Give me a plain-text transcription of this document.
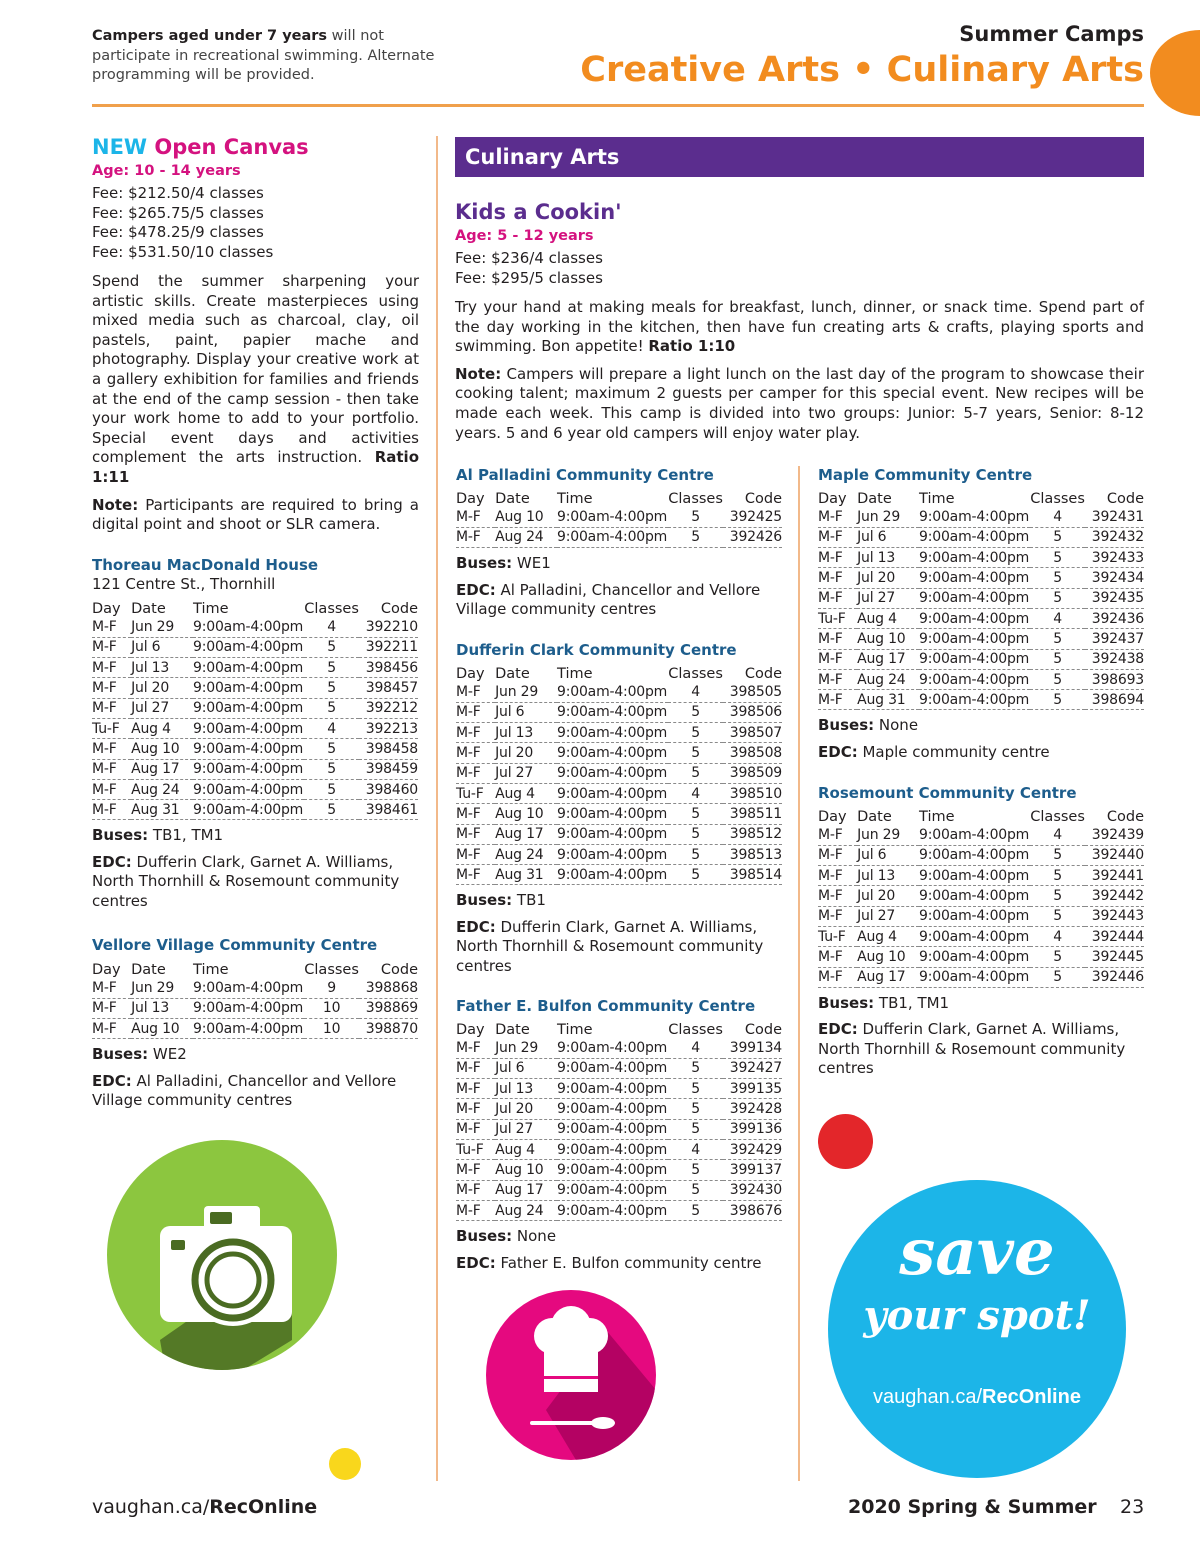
Campers aged under 7 years will not participate in recreational swimming. Alternate programming will be provided.
Summer Camps
Creative Arts • Culinary Arts
NEW Open Canvas
Age: 10 - 14 years
Fee: $212.50/4 classes
Fee: $265.75/5 classes
Fee: $478.25/9 classes
Fee: $531.50/10 classes
Spend the summer sharpening your artistic skills. Create masterpieces using mixed media such as charcoal, clay, oil pastels, paint, papier mache and photography. Display your creative work at a gallery exhibition for families and friends at the end of the camp session - then take your work home to add to your portfolio. Special event days and activities complement the arts instruction. Ratio 1:11
Note: Participants are required to bring a digital point and shoot or SLR camera.
Thoreau MacDonald House
121 Centre St., Thornhill
Day	Date	Time	Classes	Code
M-F	Jun 29	9:00am-4:00pm	4	392210
M-F	Jul 6	9:00am-4:00pm	5	392211
M-F	Jul 13	9:00am-4:00pm	5	398456
M-F	Jul 20	9:00am-4:00pm	5	398457
M-F	Jul 27	9:00am-4:00pm	5	392212
Tu-F	Aug 4	9:00am-4:00pm	4	392213
M-F	Aug 10	9:00am-4:00pm	5	398458
M-F	Aug 17	9:00am-4:00pm	5	398459
M-F	Aug 24	9:00am-4:00pm	5	398460
M-F	Aug 31	9:00am-4:00pm	5	398461
Buses: TB1, TM1
EDC: Dufferin Clark, Garnet A. Williams, North Thornhill & Rosemount community centres
Vellore Village Community Centre
Day	Date	Time	Classes	Code
M-F	Jun 29	9:00am-4:00pm	9	398868
M-F	Jul 13	9:00am-4:00pm	10	398869
M-F	Aug 10	9:00am-4:00pm	10	398870
Buses: WE2
EDC: Al Palladini, Chancellor and Vellore Village community centres
Culinary Arts
Kids a Cookin'
Age: 5 - 12 years
Fee: $236/4 classes
Fee: $295/5 classes
Try your hand at making meals for breakfast, lunch, dinner, or snack time. Spend part of the day working in the kitchen, then have fun creating arts & crafts, playing sports and swimming. Bon appetite! Ratio 1:10
Note: Campers will prepare a light lunch on the last day of the program to showcase their cooking talent; maximum 2 guests per camper for this special event. New recipes will be made each week. This camp is divided into two groups: Junior: 5-7 years, Senior: 8-12 years. 5 and 6 year old campers will enjoy water play.
Al Palladini Community Centre
Day	Date	Time	Classes	Code
M-F	Aug 10	9:00am-4:00pm	5	392425
M-F	Aug 24	9:00am-4:00pm	5	392426
Buses: WE1
EDC: Al Palladini, Chancellor and Vellore Village community centres
Dufferin Clark Community Centre
Day	Date	Time	Classes	Code
M-F	Jun 29	9:00am-4:00pm	4	398505
M-F	Jul 6	9:00am-4:00pm	5	398506
M-F	Jul 13	9:00am-4:00pm	5	398507
M-F	Jul 20	9:00am-4:00pm	5	398508
M-F	Jul 27	9:00am-4:00pm	5	398509
Tu-F	Aug 4	9:00am-4:00pm	4	398510
M-F	Aug 10	9:00am-4:00pm	5	398511
M-F	Aug 17	9:00am-4:00pm	5	398512
M-F	Aug 24	9:00am-4:00pm	5	398513
M-F	Aug 31	9:00am-4:00pm	5	398514
Buses: TB1
EDC: Dufferin Clark, Garnet A. Williams, North Thornhill & Rosemount community centres
Father E. Bulfon Community Centre
Day	Date	Time	Classes	Code
M-F	Jun 29	9:00am-4:00pm	4	399134
M-F	Jul 6	9:00am-4:00pm	5	392427
M-F	Jul 13	9:00am-4:00pm	5	399135
M-F	Jul 20	9:00am-4:00pm	5	392428
M-F	Jul 27	9:00am-4:00pm	5	399136
Tu-F	Aug 4	9:00am-4:00pm	4	392429
M-F	Aug 10	9:00am-4:00pm	5	399137
M-F	Aug 17	9:00am-4:00pm	5	392430
M-F	Aug 24	9:00am-4:00pm	5	398676
Buses: None
EDC: Father E. Bulfon community centre
Maple Community Centre
Day	Date	Time	Classes	Code
M-F	Jun 29	9:00am-4:00pm	4	392431
M-F	Jul 6	9:00am-4:00pm	5	392432
M-F	Jul 13	9:00am-4:00pm	5	392433
M-F	Jul 20	9:00am-4:00pm	5	392434
M-F	Jul 27	9:00am-4:00pm	5	392435
Tu-F	Aug 4	9:00am-4:00pm	4	392436
M-F	Aug 10	9:00am-4:00pm	5	392437
M-F	Aug 17	9:00am-4:00pm	5	392438
M-F	Aug 24	9:00am-4:00pm	5	398693
M-F	Aug 31	9:00am-4:00pm	5	398694
Buses: None
EDC: Maple community centre
Rosemount Community Centre
Day	Date	Time	Classes	Code
M-F	Jun 29	9:00am-4:00pm	4	392439
M-F	Jul 6	9:00am-4:00pm	5	392440
M-F	Jul 13	9:00am-4:00pm	5	392441
M-F	Jul 20	9:00am-4:00pm	5	392442
M-F	Jul 27	9:00am-4:00pm	5	392443
Tu-F	Aug 4	9:00am-4:00pm	4	392444
M-F	Aug 10	9:00am-4:00pm	5	392445
M-F	Aug 17	9:00am-4:00pm	5	392446
Buses: TB1, TM1
EDC: Dufferin Clark, Garnet A. Williams, North Thornhill & Rosemount community centres
save
your spot!
vaughan.ca/RecOnline
vaughan.ca/RecOnline	2020 Spring & Summer 23
